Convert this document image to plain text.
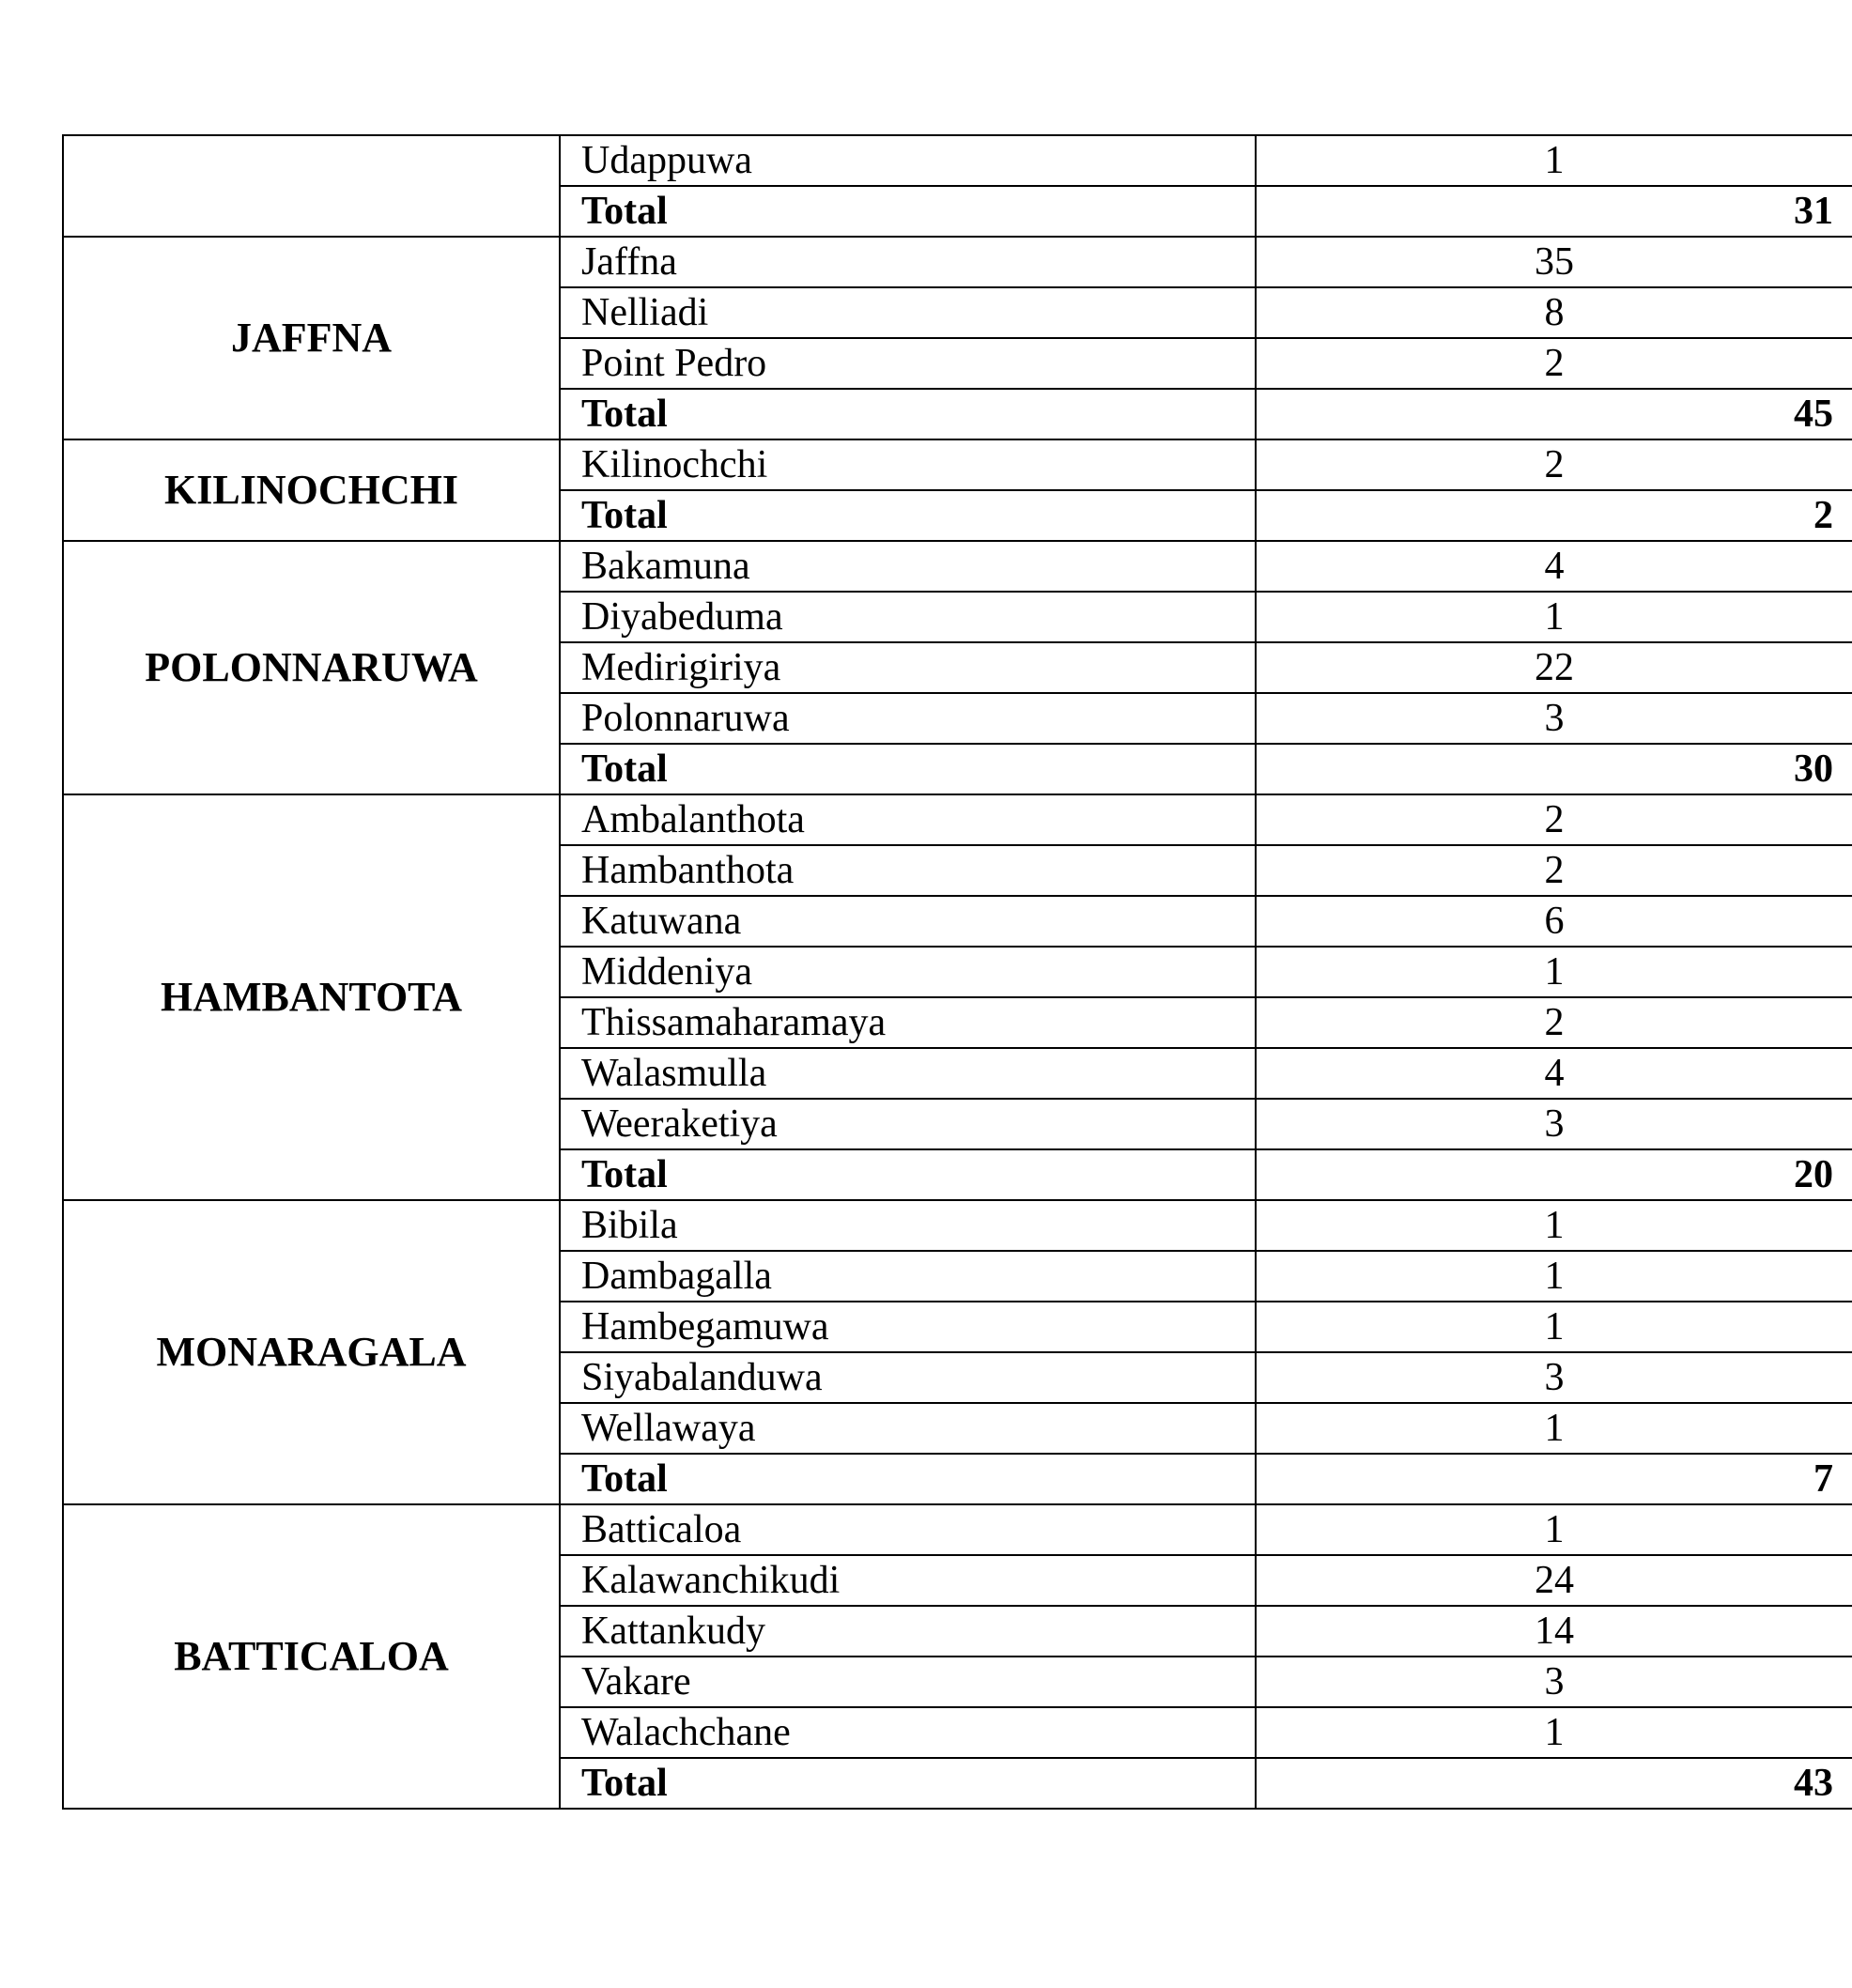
	Udappuwa	1
	Total	31
JAFFNA	Jaffna	35
	Nelliadi	8
	Point Pedro	2
	Total	45
KILINOCHCHI	Kilinochchi	2
	Total	2
POLONNARUWA	Bakamuna	4
	Diyabeduma	1
	Medirigiriya	22
	Polonnaruwa	3
	Total	30
HAMBANTOTA	Ambalanthota	2
	Hambanthota	2
	Katuwana	6
	Middeniya	1
	Thissamaharamaya	2
	Walasmulla	4
	Weeraketiya	3
	Total	20
MONARAGALA	Bibila	1
	Dambagalla	1
	Hambegamuwa	1
	Siyabalanduwa	3
	Wellawaya	1
	Total	7
BATTICALOA	Batticaloa	1
	Kalawanchikudi	24
	Kattankudy	14
	Vakare	3
	Walachchane	1
	Total	43
